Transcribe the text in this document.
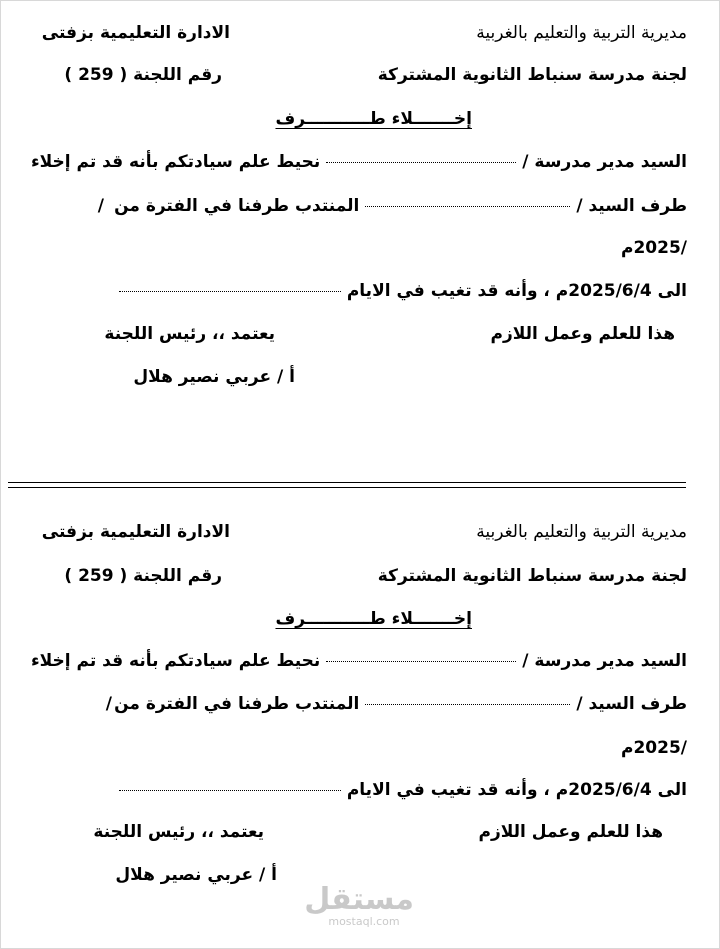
مديرية التربية والتعليم بالغربية
الادارة التعليمية بزفتى
لجنة مدرسة سنباط الثانوية المشتركة
رقم اللجنة ( 259 )
إخـــــــلاء طـــــــــــرف
السيد مدير مدرسة /نحيط علم سيادتكم بأنه قد تم إخلاء
طرف السيد /المنتدب طرفنا في الفترة من
/
/2025م
الى 2025/6/4م ، وأنه قد تغيب في الايام
هذا للعلم وعمل اللازم
يعتمد ،، رئيس اللجنة
أ / عربي نصير هلال
مديرية التربية والتعليم بالغربية
الادارة التعليمية بزفتى
لجنة مدرسة سنباط الثانوية المشتركة
رقم اللجنة ( 259 )
إخـــــــلاء طـــــــــــرف
السيد مدير مدرسة /نحيط علم سيادتكم بأنه قد تم إخلاء
طرف السيد /المنتدب طرفنا في الفترة من
/
/2025م
الى 2025/6/4م ، وأنه قد تغيب في الايام
هذا للعلم وعمل اللازم
يعتمد ،، رئيس اللجنة
أ / عربي نصير هلال
مستقل
mostaql.com
